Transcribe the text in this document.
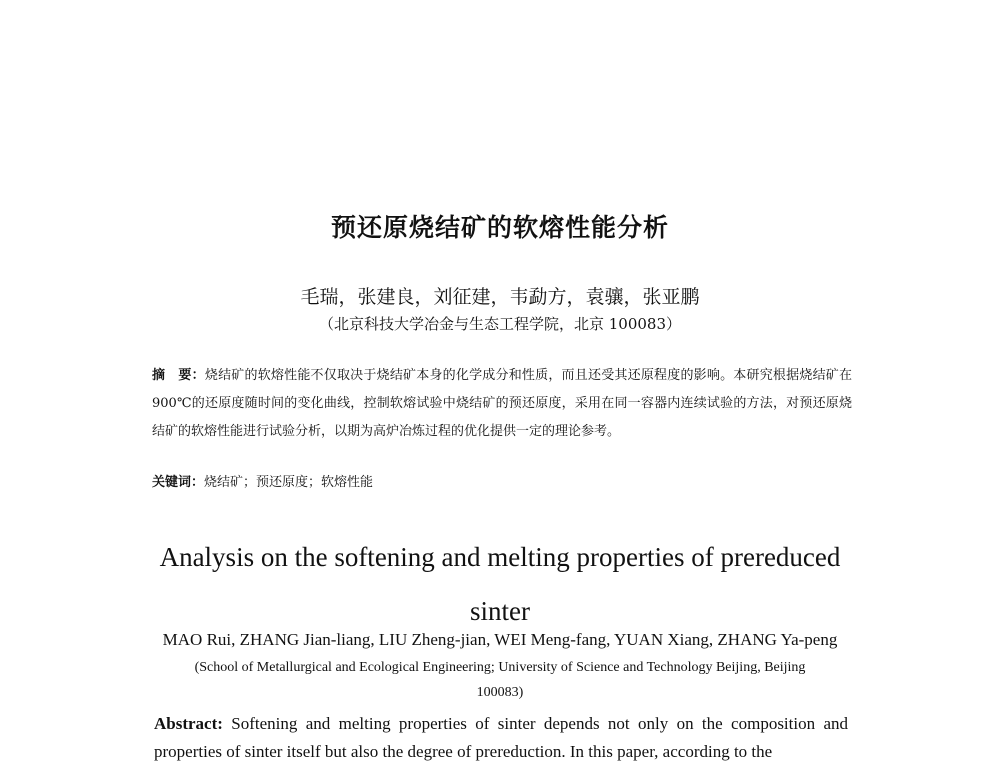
预还原烧结矿的软熔性能分析
毛瑞，张建良，刘征建，韦勐方，袁骧，张亚鹏
（北京科技大学冶金与生态工程学院，北京 100083）
摘　要：烧结矿的软熔性能不仅取决于烧结矿本身的化学成分和性质，而且还受其还原程度的影响。本研究根据烧结矿在 900℃的还原度随时间的变化曲线，控制软熔试验中烧结矿的预还原度，采用在同一容器内连续试验的方法，对预还原烧结矿的软熔性能进行试验分析，以期为高炉冶炼过程的优化提供一定的理论参考。
关键词：烧结矿；预还原度；软熔性能
Analysis on the softening and melting properties of prereduced sinter
MAO Rui, ZHANG Jian-liang, LIU Zheng-jian, WEI Meng-fang, YUAN Xiang, ZHANG Ya-peng
(School of Metallurgical and Ecological Engineering; University of Science and Technology Beijing, Beijing 100083)
Abstract: Softening and melting properties of sinter depends not only on the composition and properties of sinter itself but also the degree of prereduction. In this paper, according to the
